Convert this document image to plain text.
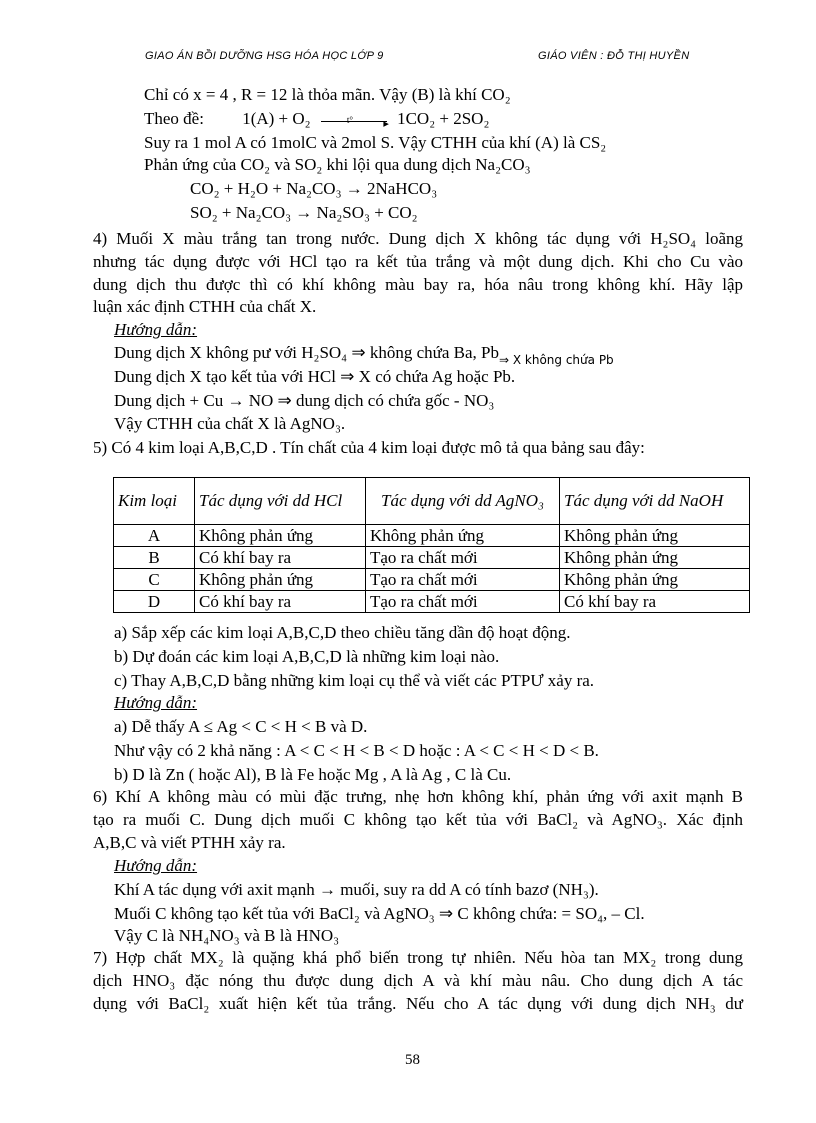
GIAO ÁN BỒI DƯỠNG HSG HÓA HỌC LỚP 9	GIÁO VIÊN : ĐỖ THỊ HUYỀN
Chỉ có x = 4 , R = 12 là thỏa mãn. Vậy (B) là khí CO₂
Theo đề: 1(A) + O₂	t°	▸ 1CO₂ + 2SO₂
Suy ra 1 mol A có 1molC và 2mol S. Vậy CTHH của khí (A) là CS₂
Phản ứng của CO₂ và SO₂ khi lội qua dung dịch Na₂CO₃
CO₂ + H₂O + Na₂CO₃ → 2NaHCO₃
SO₂ + Na₂CO₃ → Na₂SO₃ + CO₂
4) Muối X màu trắng tan trong nước. Dung dịch X không tác dụng với H₂SO₄ loãng
nhưng tác dụng được với HCl tạo ra kết tủa trắng và một dung dịch. Khi cho Cu vào
dung dịch thu được thì có khí không màu bay ra, hóa nâu trong không khí. Hãy lập
luận xác định CTHH của chất X.
Hướng dẫn:
Dung dịch X không pư với H₂SO₄ ⇒ không chứa Ba, $Pb_{\Rightarrow X không chứa Pb}$
Dung dịch X tạo kết tủa với HCl ⇒ X có chứa Ag hoặc Pb.
Dung dịch + Cu → NO ⇒ dung dịch có chứa gốc - NO₃
Vậy CTHH của chất X là AgNO₃.
5) Có 4 kim loại A,B,C,D . Tín chất của 4 kim loại được mô tả qua bảng sau đây:
Kim loại	Tác dụng với dd HCl	Tác dụng với dd AgNO₃	Tác dụng với dd NaOH
A	Không phản ứng	Không phản ứng	Không phản ứng
B	Có khí bay ra	Tạo ra chất mới	Không phản ứng
C	Không phản ứng	Tạo ra chất mới	Không phản ứng
D	Có khí bay ra	Tạo ra chất mới	Có khí bay ra
a) Sắp xếp các kim loại A,B,C,D theo chiều tăng dần độ hoạt động.
b) Dự đoán các kim loại A,B,C,D là những kim loại nào.
c) Thay A,B,C,D bằng những kim loại cụ thể và viết các PTPƯ xảy ra.
Hướng dẫn:
a) Dễ thấy A ≤ Ag < C < H < B và D.
Như vậy có 2 khả năng : A < C < H < B < D hoặc : A < C < H < D < B.
b) D là Zn ( hoặc Al), B là Fe hoặc Mg , A là Ag , C là Cu.
6) Khí A không màu có mùi đặc trưng, nhẹ hơn không khí, phản ứng với axit mạnh B
tạo ra muối C. Dung dịch muối C không tạo kết tủa với BaCl₂ và AgNO₃. Xác định
A,B,C và viết PTHH xảy ra.
Hướng dẫn:
Khí A tác dụng với axit mạnh → muối, suy ra dd A có tính bazơ (NH₃).
Muối C không tạo kết tủa với BaCl₂ và AgNO₃ ⇒ C không chứa: = SO₄, – Cl.
Vậy C là NH₄NO₃ và B là HNO₃
7) Hợp chất MX₂ là quặng khá phổ biến trong tự nhiên. Nếu hòa tan MX₂ trong dung
dịch HNO₃ đặc nóng thu được dung dịch A và khí màu nâu. Cho dung dịch A tác
dụng với BaCl₂ xuất hiện kết tủa trắng. Nếu cho A tác dụng với dung dịch NH₃ dư
58
